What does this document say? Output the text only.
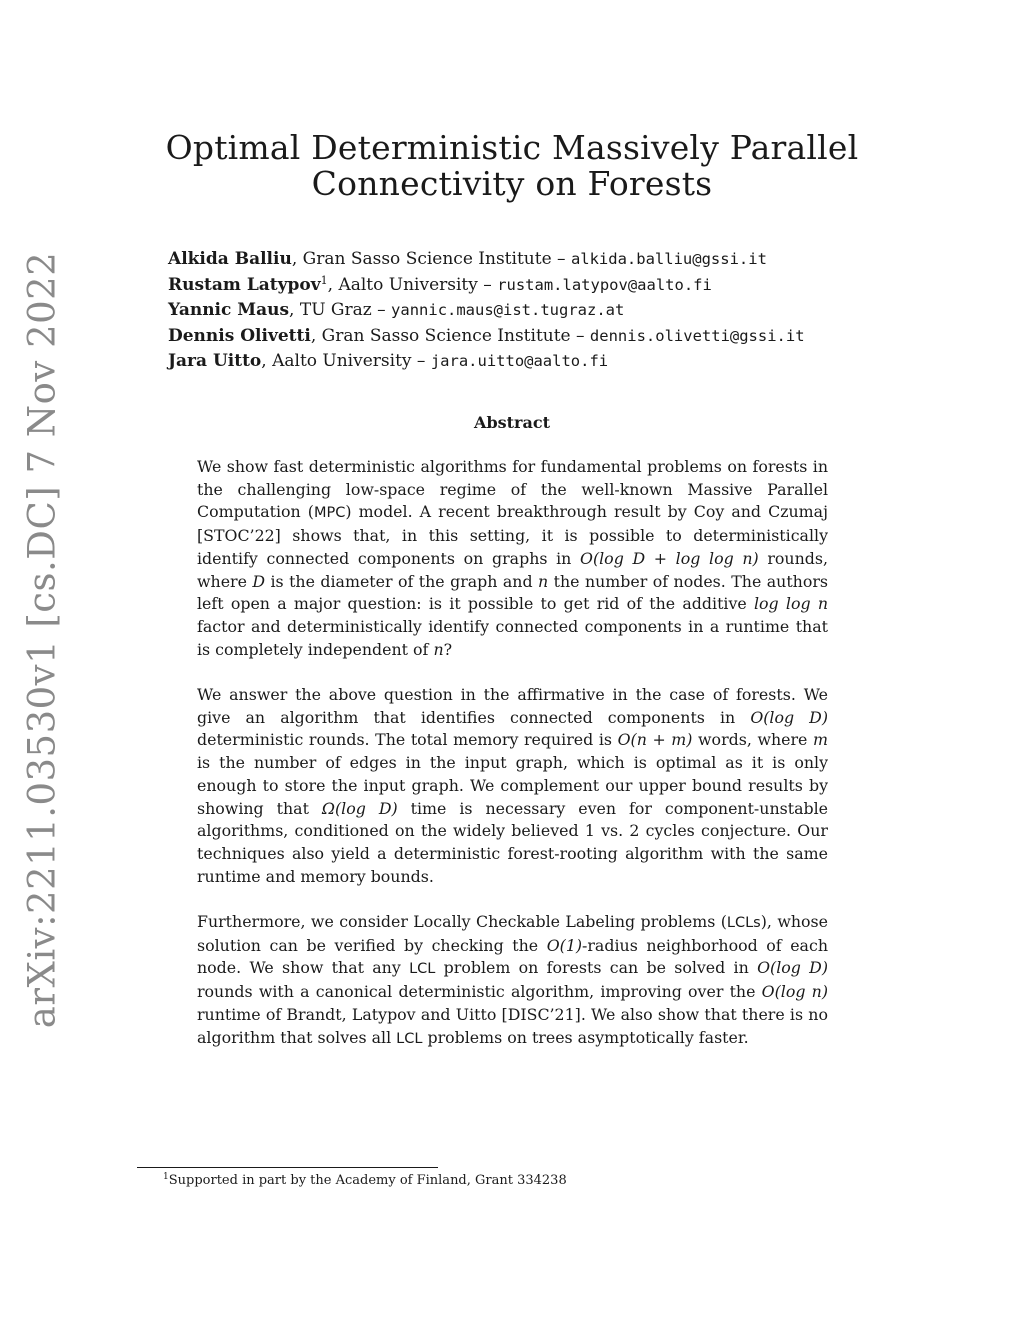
arXiv:2211.03530v1 [cs.DC] 7 Nov 2022
Optimal Deterministic Massively Parallel
Connectivity on Forests
Alkida Balliu, Gran Sasso Science Institute – alkida.balliu@gssi.it
Rustam Latypov$^1$, Aalto University – rustam.latypov@aalto.fi
Yannic Maus, TU Graz – yannic.maus@ist.tugraz.at
Dennis Olivetti, Gran Sasso Science Institute – dennis.olivetti@gssi.it
Jara Uitto, Aalto University – jara.uitto@aalto.fi
Abstract

We show fast deterministic algorithms for fundamental problems on forests in the challenging low-space regime of the well-known Massive Parallel Computation (MPC) model. A recent breakthrough result by Coy and Czumaj [STOC’22] shows that, in this setting, it is possible to deterministically identify connected components on graphs in O(log D + log log n) rounds, where D is the diameter of the graph and n the number of nodes. The authors left open a major question: is it possible to get rid of the additive log log n factor and deterministically identify connected components in a runtime that is completely independent of n?

We answer the above question in the affirmative in the case of forests. We give an algorithm that identifies connected components in O(log D) deterministic rounds. The total memory required is O(n + m) words, where m is the number of edges in the input graph, which is optimal as it is only enough to store the input graph. We complement our upper bound results by showing that Ω(log D) time is necessary even for component-unstable algorithms, conditioned on the widely believed 1 vs. 2 cycles conjecture. Our techniques also yield a deterministic forest-rooting algorithm with the same runtime and memory bounds.

Furthermore, we consider Locally Checkable Labeling problems (LCLs), whose solution can be verified by checking the O(1)-radius neighborhood of each node. We show that any LCL problem on forests can be solved in O(log D) rounds with a canonical deterministic algorithm, improving over the O(log n) runtime of Brandt, Latypov and Uitto [DISC’21]. We also show that there is no algorithm that solves all LCL problems on trees asymptotically faster.

$^1$Supported in part by the Academy of Finland, Grant 334238
